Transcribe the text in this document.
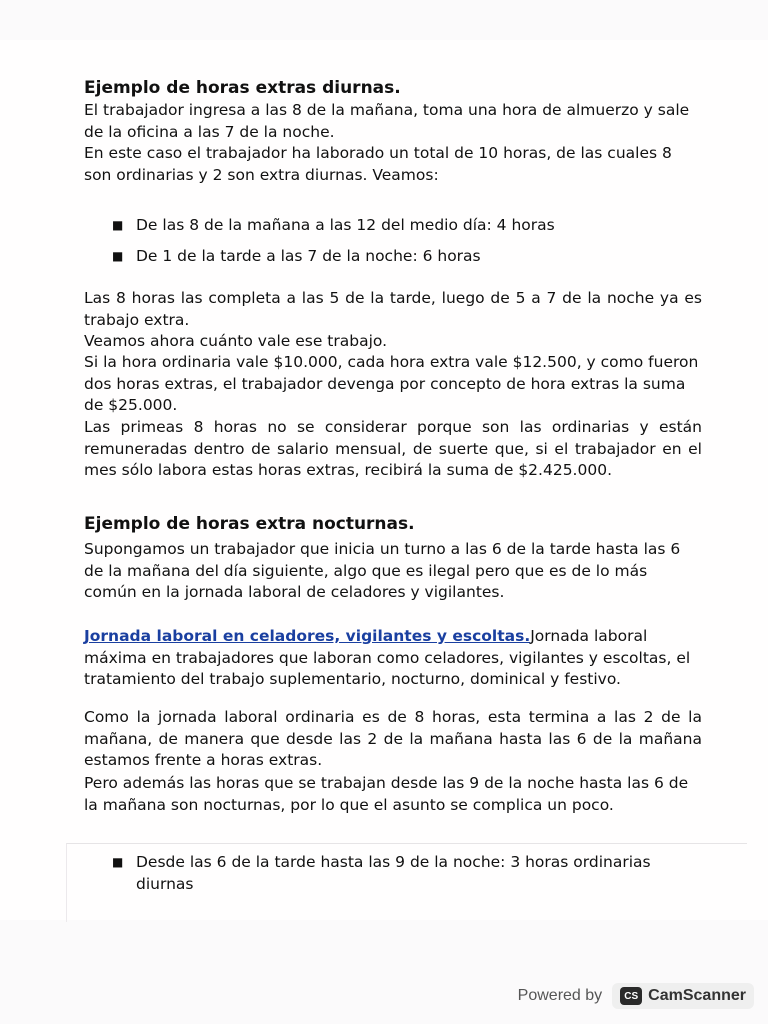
Ejemplo de horas extras diurnas.

El trabajador ingresa a las 8 de la mañana, toma una hora de almuerzo y sale de la oficina a las 7 de la noche.

En este caso el trabajador ha laborado un total de 10 horas, de las cuales 8 son ordinarias y 2 son extra diurnas. Veamos:

■ De las 8 de la mañana a las 12 del medio día: 4 horas
■ De 1 de la tarde a las 7 de la noche: 6 horas

Las 8 horas las completa a las 5 de la tarde, luego de 5 a 7 de la noche ya es trabajo extra.

Veamos ahora cuánto vale ese trabajo.

Si la hora ordinaria vale $10.000, cada hora extra vale $12.500, y como fueron dos horas extras, el trabajador devenga por concepto de hora extras la suma de $25.000.

Las primeas 8 horas no se considerar porque son las ordinarias y están remuneradas dentro de salario mensual, de suerte que, si el trabajador en el mes sólo labora estas horas extras, recibirá la suma de $2.425.000.

Ejemplo de horas extra nocturnas.

Supongamos un trabajador que inicia un turno a las 6 de la tarde hasta las 6 de la mañana del día siguiente, algo que es ilegal pero que es de lo más común en la jornada laboral de celadores y vigilantes.

Jornada laboral en celadores, vigilantes y escoltas.Jornada laboral máxima en trabajadores que laboran como celadores, vigilantes y escoltas, el tratamiento del trabajo suplementario, nocturno, dominical y festivo.

Como la jornada laboral ordinaria es de 8 horas, esta termina a las 2 de la mañana, de manera que desde las 2 de la mañana hasta las 6 de la mañana estamos frente a horas extras.

Pero además las horas que se trabajan desde las 9 de la noche hasta las 6 de la mañana son nocturnas, por lo que el asunto se complica un poco.

■ Desde las 6 de la tarde hasta las 9 de la noche: 3 horas ordinarias diurnas
Powered by	CS CamScanner
